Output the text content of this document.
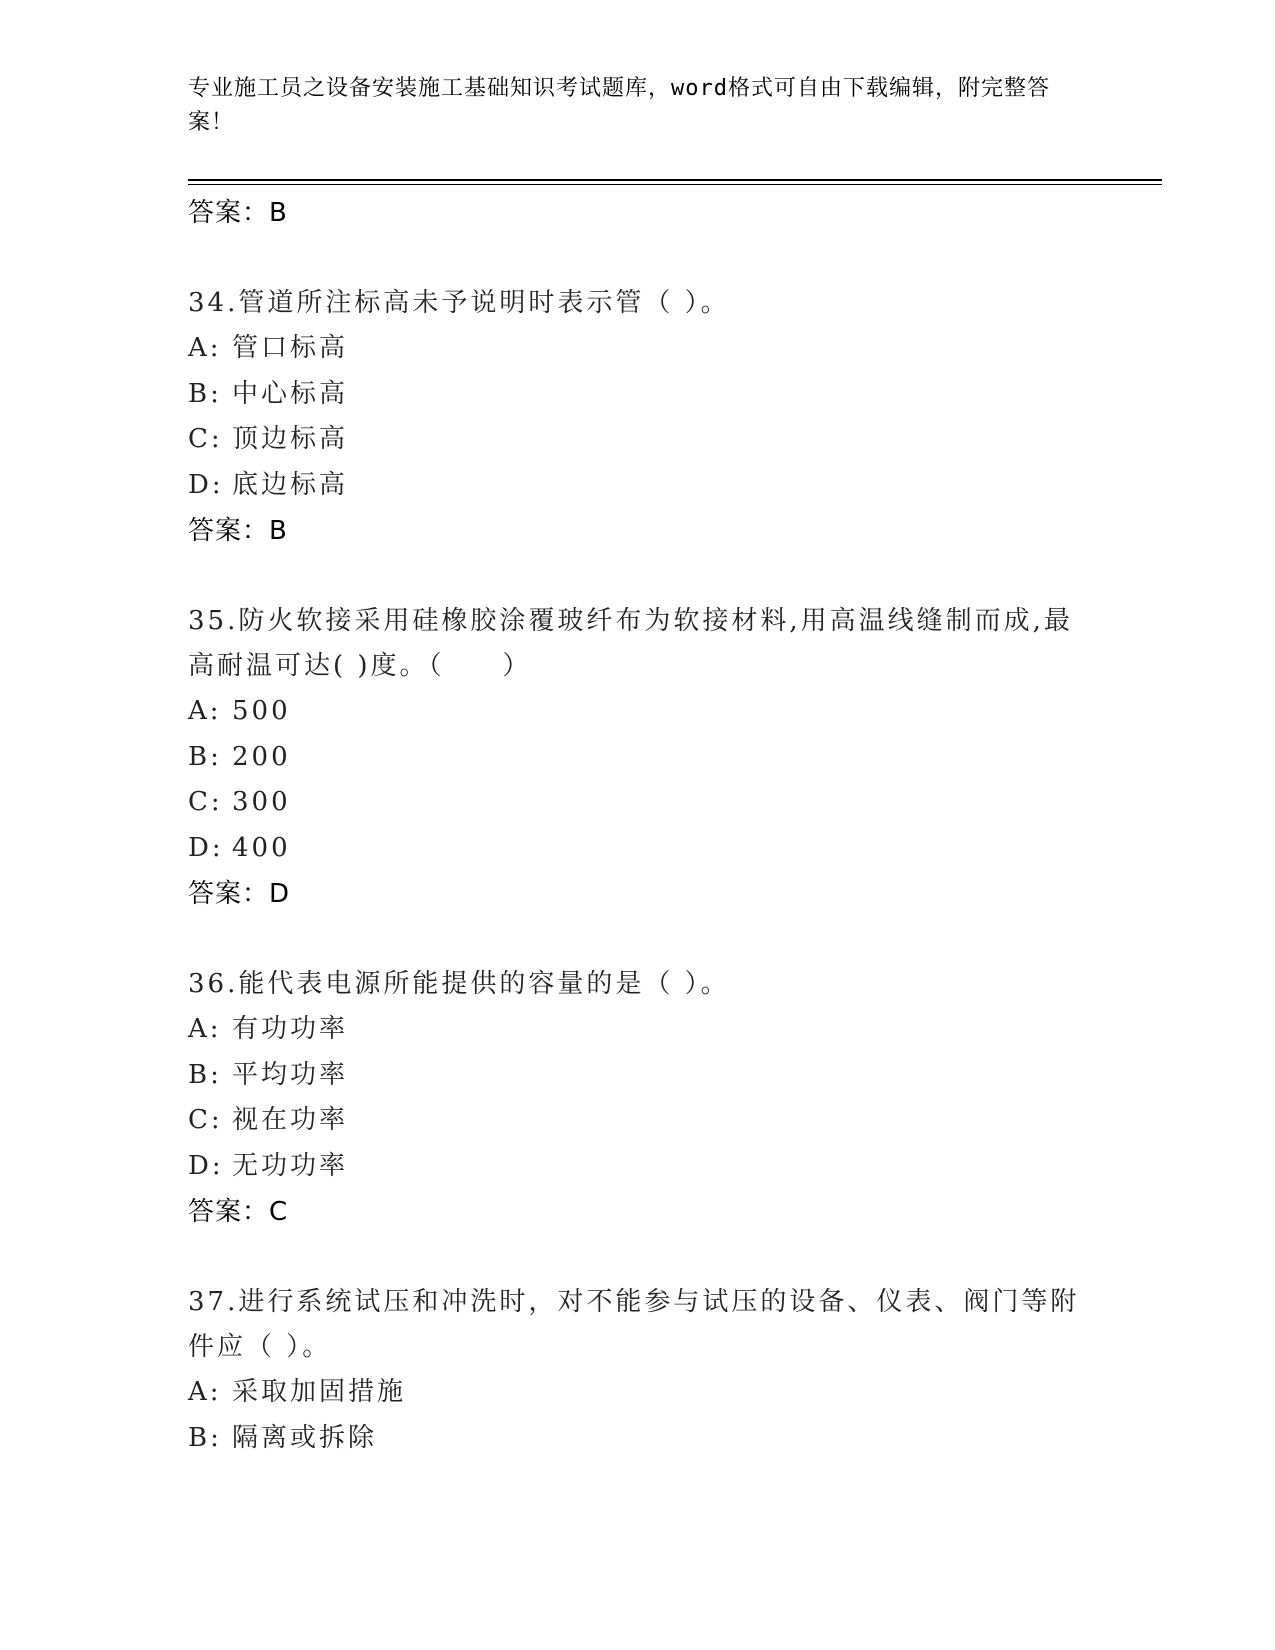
专业施工员之设备安装施工基础知识考试题库，word格式可自由下载编辑，附完整答案！
答案：B
34.管道所注标高未予说明时表示管（ ）。
A: 管口标高
B: 中心标高
C: 顶边标高
D: 底边标高
答案：B
35.防火软接采用硅橡胶涂覆玻纤布为软接材料,用高温线缝制而成,最高耐温可达( )度。（　　）
A: 500
B: 200
C: 300
D: 400
答案：D
36.能代表电源所能提供的容量的是（ ）。
A: 有功功率
B: 平均功率
C: 视在功率
D: 无功功率
答案：C
37.进行系统试压和冲洗时，对不能参与试压的设备、仪表、阀门等附件应（ ）。
A: 采取加固措施
B: 隔离或拆除
